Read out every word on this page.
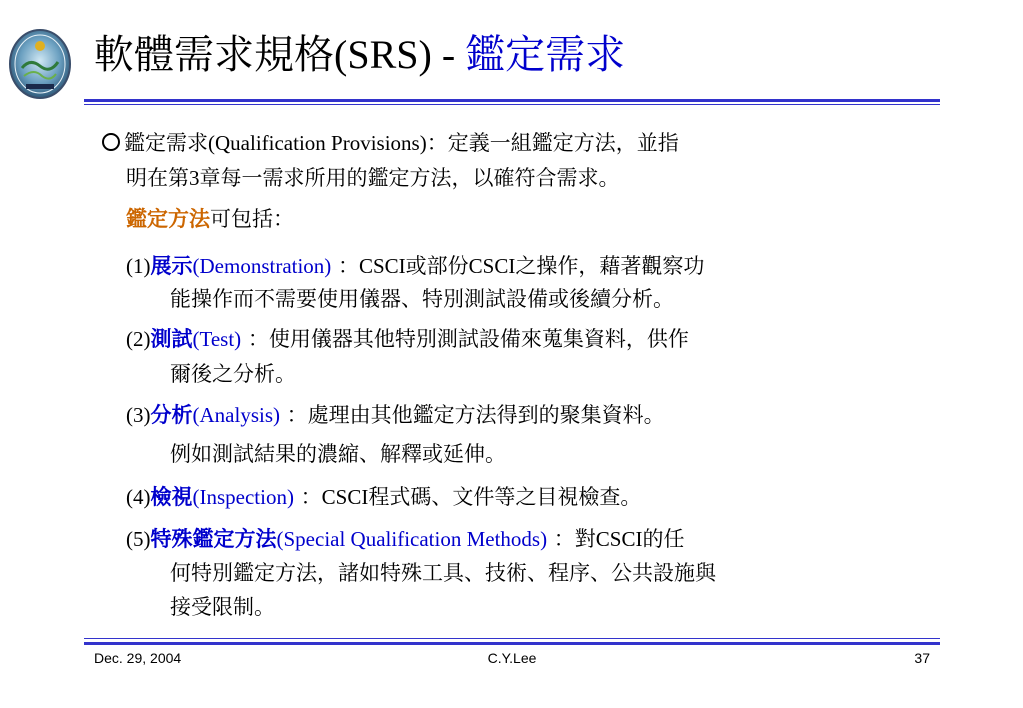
軟體需求規格(SRS) - 鑑定需求
鑑定需求(Qualification Provisions)：定義一組鑑定方法，並指
明在第3章每一需求所用的鑑定方法，以確符合需求。
鑑定方法可包括：
(1)展示(Demonstration) ：CSCI或部份CSCI之操作，藉著觀察功
能操作而不需要使用儀器、特別測試設備或後續分析。
(2)測試(Test) ：使用儀器其他特別測試設備來蒐集資料，供作
爾後之分析。
(3)分析(Analysis) ：處理由其他鑑定方法得到的聚集資料。
例如測試結果的濃縮、解釋或延伸。
(4)檢視(Inspection) ：CSCI程式碼、文件等之目視檢查。
(5)特殊鑑定方法(Special Qualification Methods) ：對CSCI的任
何特別鑑定方法，諸如特殊工具、技術、程序、公共設施與
接受限制。
Dec. 29, 2004	C.Y.Lee	37
